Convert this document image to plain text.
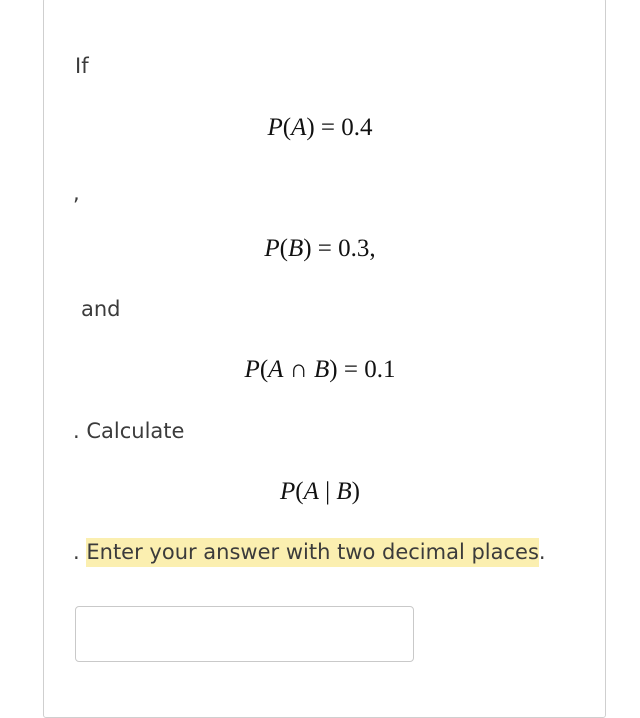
If
P(A) = 0.4
,
P(B) = 0.3,
and
P(A ∩ B) = 0.1
. Calculate
P(A | B)
. Enter your answer with two decimal places.
